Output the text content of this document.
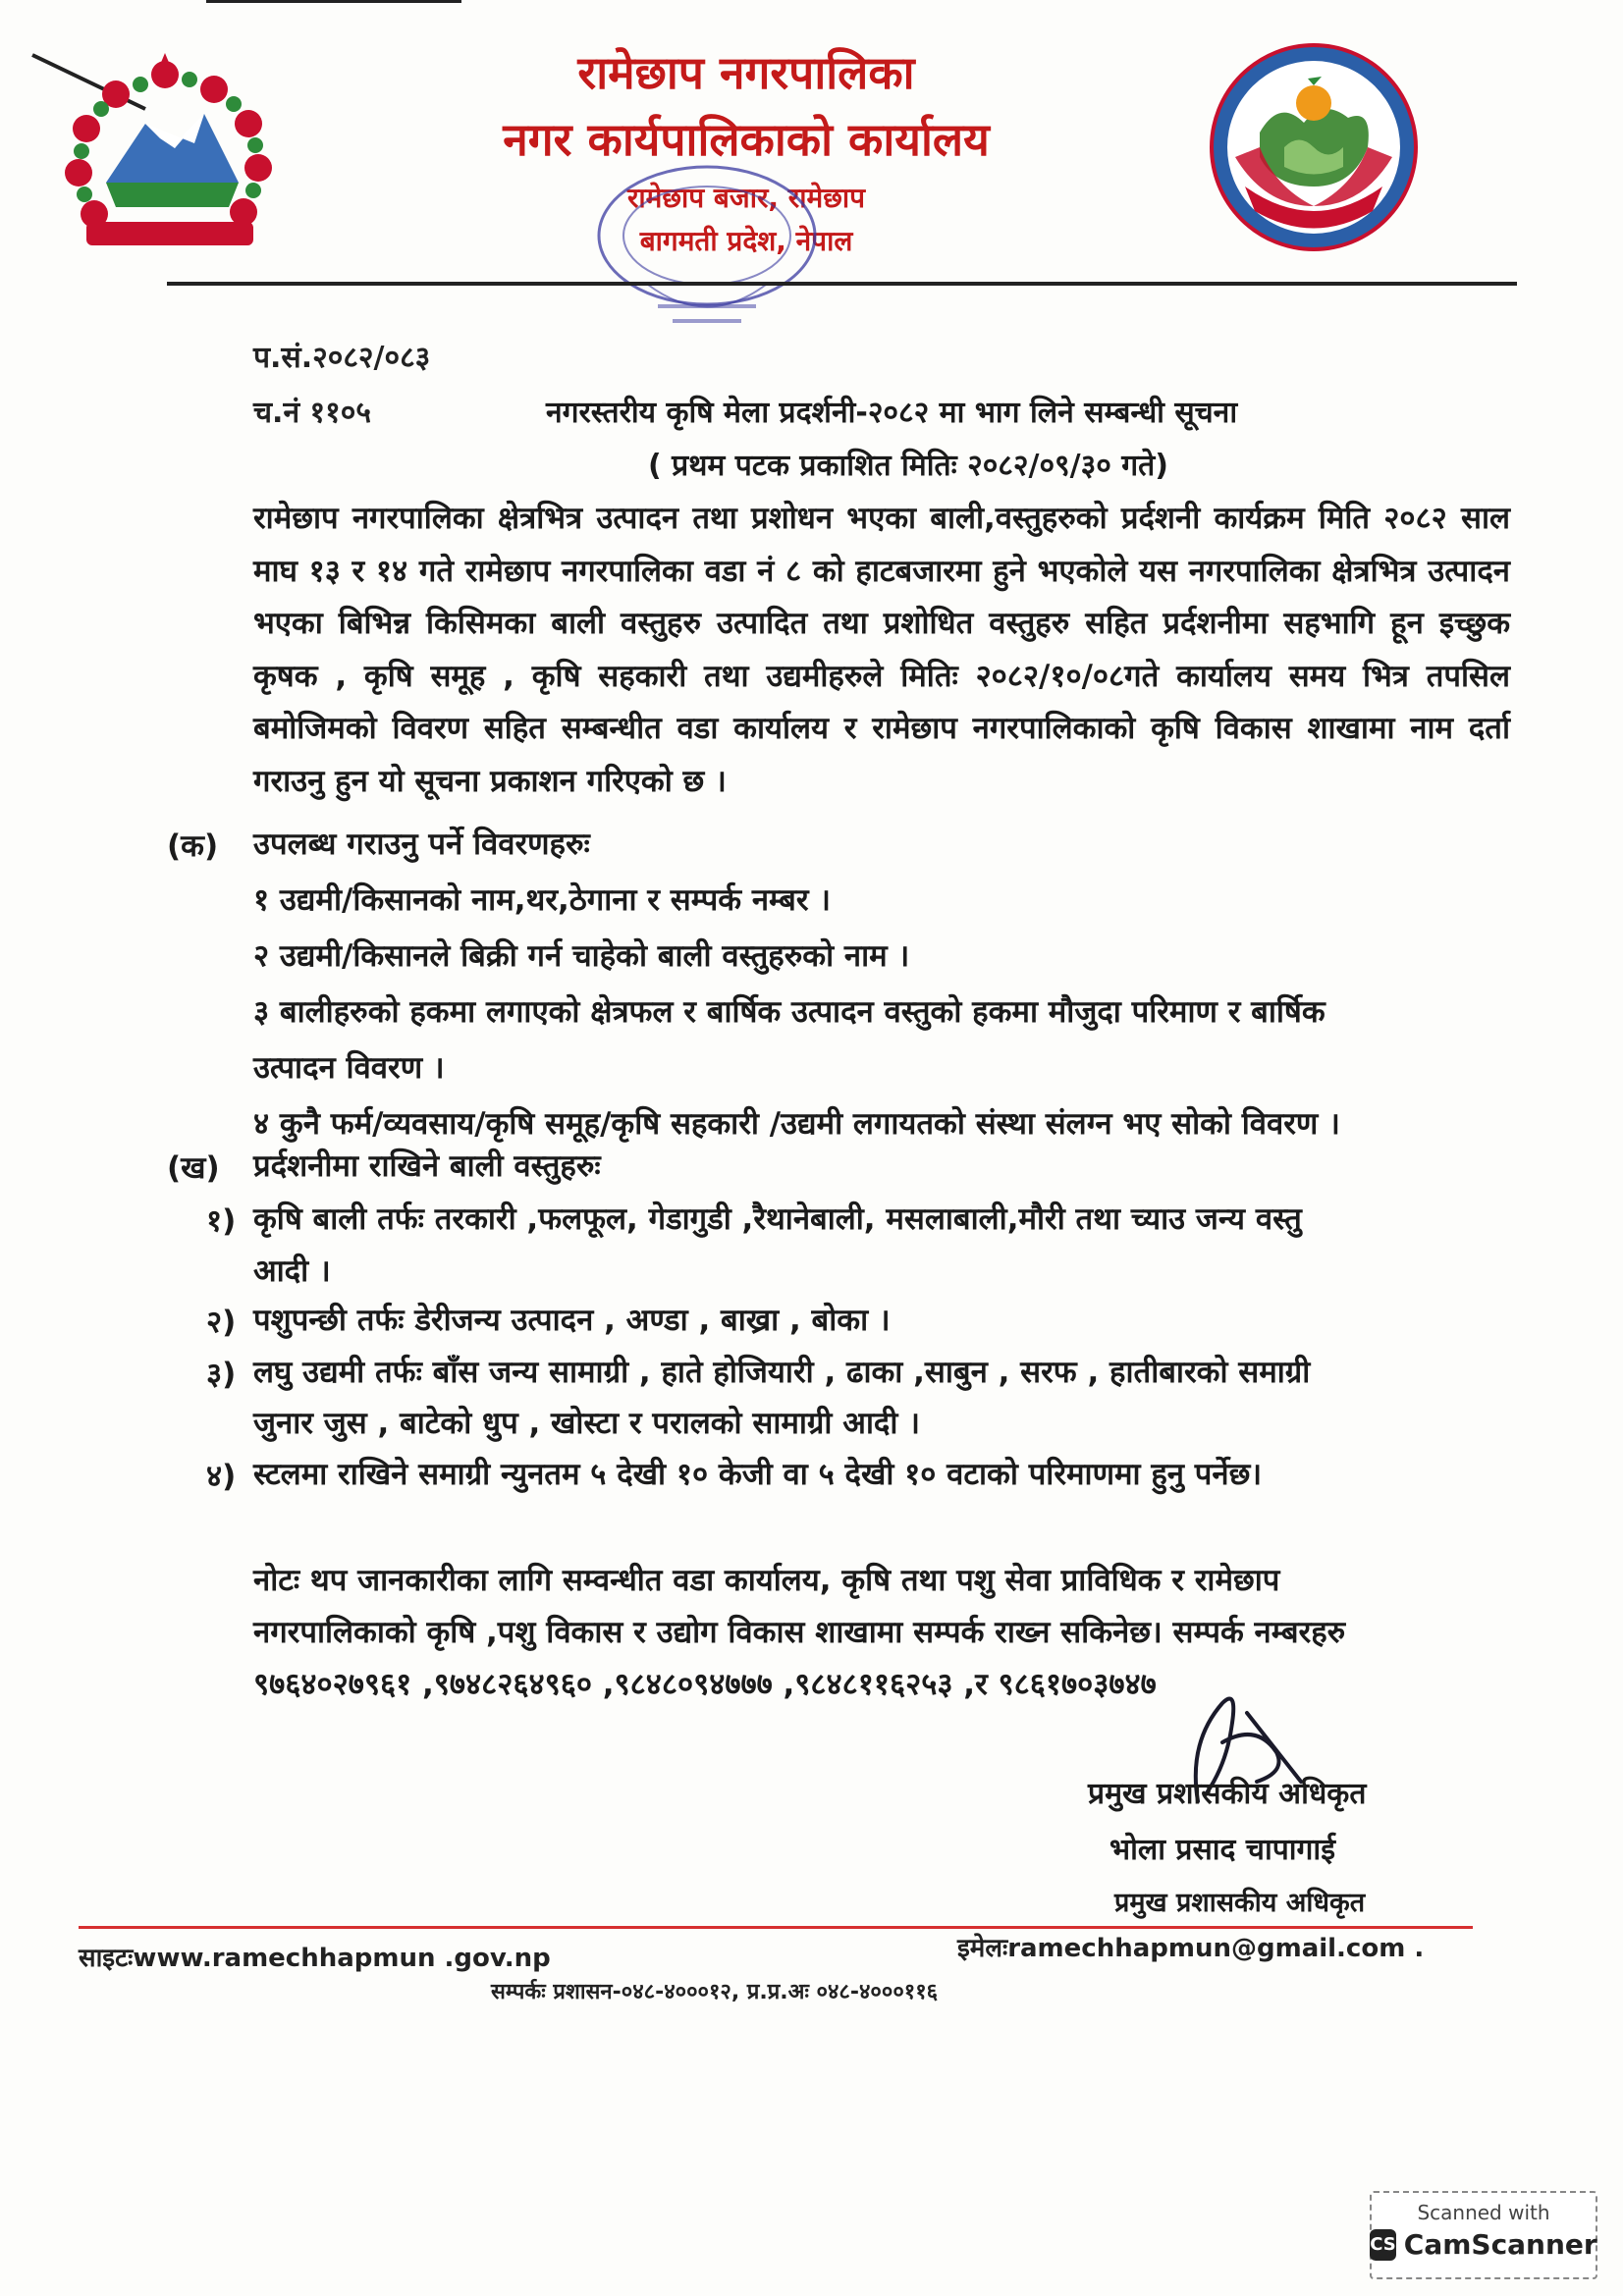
रामेछाप नगरपालिका
नगर कार्यपालिकाको कार्यालय
रामेछाप बजार, रामेछाप
बागमती प्रदेश, नेपाल
प.सं.२०८२/०८३
च.नं ११०५	नगरस्तरीय कृषि मेला प्रदर्शनी-२०८२ मा भाग लिने सम्बन्धी सूचना
( प्रथम पटक प्रकाशित मितिः २०८२/०९/३० गते)
रामेछाप नगरपालिका क्षेत्रभित्र उत्पादन तथा प्रशोधन भएका बाली,वस्तुहरुको प्रर्दशनी कार्यक्रम मिति २०८२ साल माघ १३ र १४ गते रामेछाप नगरपालिका वडा नं ८ को हाटबजारमा हुने भएकोले यस नगरपालिका क्षेत्रभित्र उत्पादन भएका बिभिन्न किसिमका बाली वस्तुहरु उत्पादित तथा प्रशोधित वस्तुहरु सहित प्रर्दशनीमा सहभागि हून इच्छुक कृषक , कृषि समूह , कृषि सहकारी तथा उद्यमीहरुले मितिः २०८२/१०/०८गते कार्यालय समय भित्र तपसिल बमोजिमको विवरण सहित सम्बन्धीत वडा कार्यालय र रामेछाप नगरपालिकाको कृषि विकास शाखामा नाम दर्ता गराउनु हुन यो सूचना प्रकाशन गरिएको छ ।
(क) उपलब्ध गराउनु पर्ने विवरणहरुः
१ उद्यमी/किसानको नाम,थर,ठेगाना र सम्पर्क नम्बर ।
२ उद्यमी/किसानले बिक्री गर्न चाहेको बाली वस्तुहरुको नाम ।
३ बालीहरुको हकमा लगाएको क्षेत्रफल र बार्षिक उत्पादन वस्तुको हकमा मौजुदा परिमाण र बार्षिक
उत्पादन विवरण ।
४ कुनै फर्म/व्यवसाय/कृषि समूह/कृषि सहकारी /उद्यमी लगायतको संस्था संलग्न भए सोको विवरण ।
(ख) प्रर्दशनीमा राखिने बाली वस्तुहरुः
१) कृषि बाली तर्फः तरकारी ,फलफूल, गेडागुडी ,रैथानेबाली, मसलाबाली,मौरी तथा च्याउ जन्य वस्तु
आदी ।
२) पशुपन्छी तर्फः डेरीजन्य उत्पादन , अण्डा , बाख्रा , बोका ।
३) लघु उद्यमी तर्फः बाँस जन्य सामाग्री , हाते होजियारी , ढाका ,साबुन , सरफ , हातीबारको समाग्री
जुनार जुस , बाटेको धुप , खोस्टा र परालको सामाग्री आदी ।
४) स्टलमा राखिने समाग्री न्युनतम ५ देखी १० केजी वा ५ देखी १० वटाको परिमाणमा हुनु पर्नेछ।
नोटः थप जानकारीका लागि सम्वन्धीत वडा कार्यालय, कृषि तथा पशु सेवा प्राविधिक र रामेछाप
नगरपालिकाको कृषि ,पशु विकास र उद्योग विकास शाखामा सम्पर्क राख्न सकिनेछ। सम्पर्क नम्बरहरु
९७६४०२७९६१ ,९७४८२६४९६० ,९८४८०९४७७७ ,९८४८११६२५३ ,र ९८६१७०३७४७
प्रमुख प्रशासकीय अधिकृत
भोला प्रसाद चापागाई
प्रमुख प्रशासकीय अधिकृत
साइटःwww.ramechhapmun .gov.np	इमेलःramechhapmun@gmail.com .
सम्पर्कः प्रशासन-०४८-४०००१२, प्र.प्र.अः ०४८-४०००११६
Scanned with
CS CamScanner
